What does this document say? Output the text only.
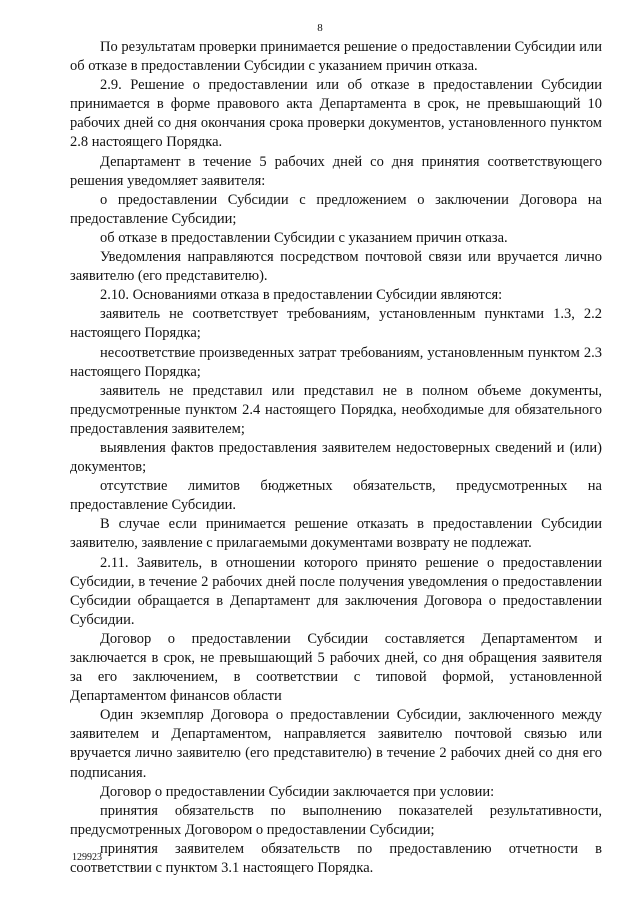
8

По результатам проверки принимается решение о предоставлении Субсидии или об отказе в предоставлении Субсидии с указанием причин отказа.

2.9. Решение о предоставлении или об отказе в предоставлении Субсидии принимается в форме правового акта Департамента в срок, не превышающий 10 рабочих дней со дня окончания срока проверки документов, установленного пунктом 2.8 настоящего Порядка.

Департамент в течение 5 рабочих дней со дня принятия соответствующего решения уведомляет заявителя:

о предоставлении Субсидии с предложением о заключении Договора на предоставление Субсидии;

об отказе в предоставлении Субсидии с указанием причин отказа.

Уведомления направляются посредством почтовой связи или вручается лично заявителю (его представителю).

2.10. Основаниями отказа в предоставлении Субсидии являются:

заявитель не соответствует требованиям, установленным пунктами 1.3, 2.2 настоящего Порядка;

несоответствие произведенных затрат требованиям, установленным пунктом 2.3 настоящего Порядка;

заявитель не представил или представил не в полном объеме документы, предусмотренные пунктом 2.4 настоящего Порядка, необходимые для обязательного предоставления заявителем;

выявления фактов предоставления заявителем недостоверных сведений и (или) документов;

отсутствие лимитов бюджетных обязательств, предусмотренных на предоставление Субсидии.

В случае если принимается решение отказать в предоставлении Субсидии заявителю, заявление с прилагаемыми документами возврату не подлежат.

2.11. Заявитель, в отношении которого принято решение о предоставлении Субсидии, в течение 2 рабочих дней после получения уведомления о предоставлении Субсидии обращается в Департамент для заключения Договора о предоставлении Субсидии.

Договор о предоставлении Субсидии составляется Департаментом и заключается в срок, не превышающий 5 рабочих дней, со дня обращения заявителя за его заключением, в соответствии с типовой формой, установленной Департаментом финансов области

Один экземпляр Договора о предоставлении Субсидии, заключенного между заявителем и Департаментом, направляется заявителю почтовой связью или вручается лично заявителю (его представителю) в течение 2 рабочих дней со дня его подписания.

Договор о предоставлении Субсидии заключается при условии:

принятия обязательств по выполнению показателей результативности, предусмотренных Договором о предоставлении Субсидии;

принятия заявителем обязательств по предоставлению отчетности в соответствии с пунктом 3.1 настоящего Порядка.

129923
